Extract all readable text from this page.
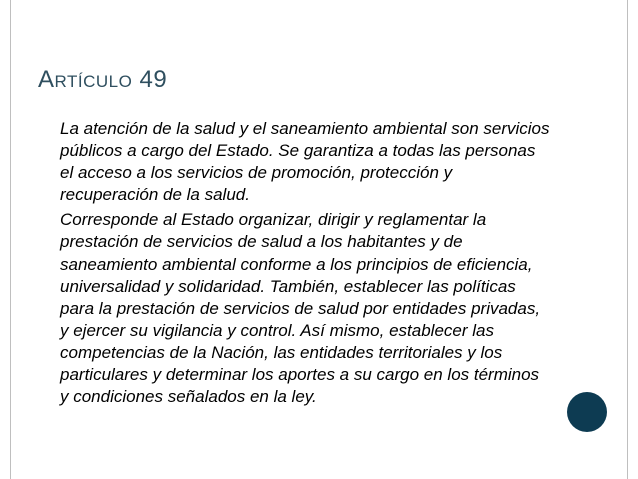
Artículo 49

La atención de la salud y el saneamiento ambiental son servicios públicos a cargo del Estado. Se garantiza a todas las personas el acceso a los servicios de promoción, protección y recuperación de la salud.

Corresponde al Estado organizar, dirigir y reglamentar la prestación de servicios de salud a los habitantes y de saneamiento ambiental conforme a los principios de eficiencia, universalidad y solidaridad. También, establecer las políticas para la prestación de servicios de salud por entidades privadas, y ejercer su vigilancia y control. Así mismo, establecer las competencias de la Nación, las entidades territoriales y los particulares y determinar los aportes a su cargo en los términos y condiciones señalados en la ley.
